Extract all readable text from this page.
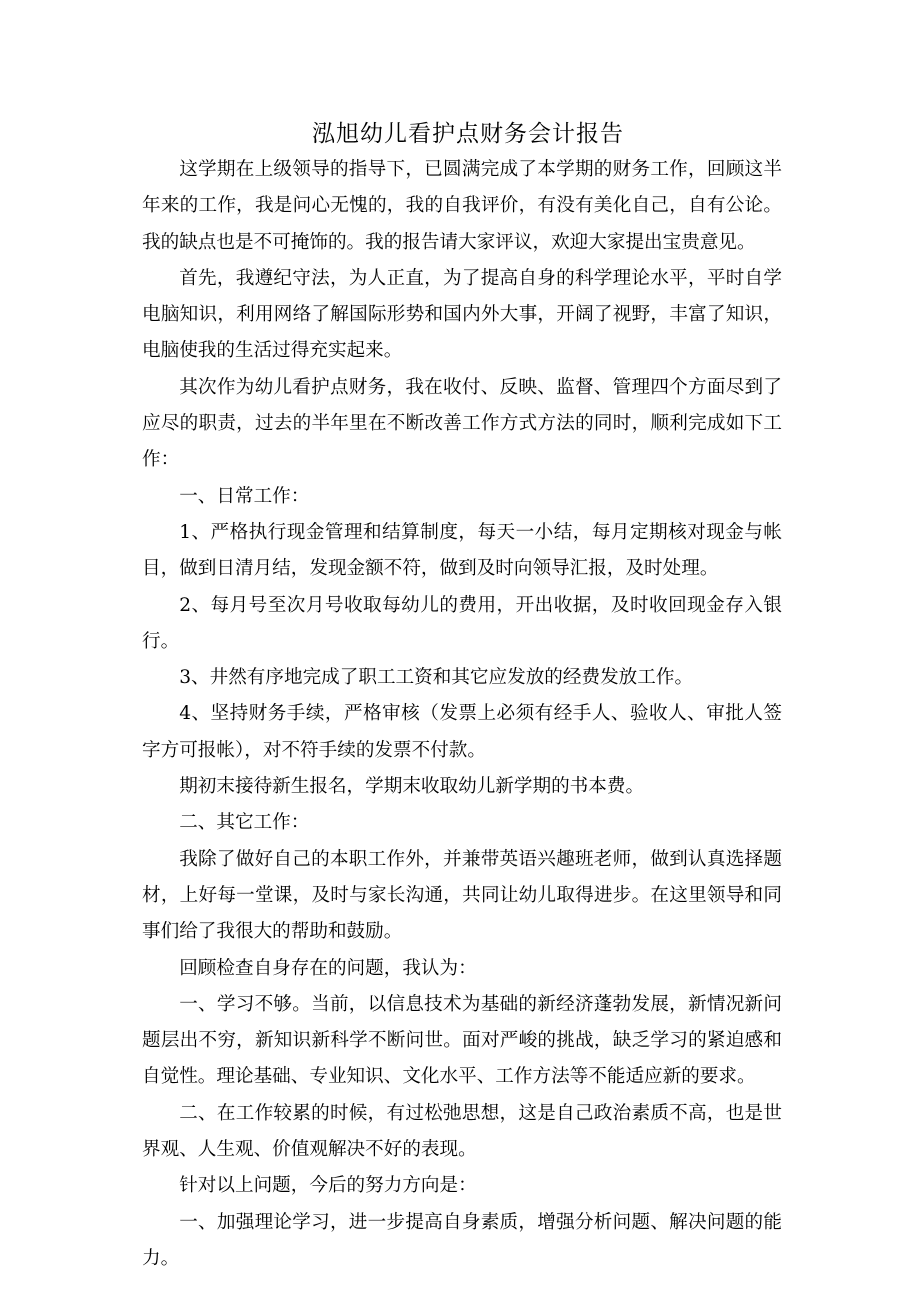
泓旭幼儿看护点财务会计报告

这学期在上级领导的指导下，已圆满完成了本学期的财务工作，回顾这半年来的工作，我是问心无愧的，我的自我评价，有没有美化自己，自有公论。我的缺点也是不可掩饰的。我的报告请大家评议，欢迎大家提出宝贵意见。

首先，我遵纪守法，为人正直，为了提高自身的科学理论水平，平时自学电脑知识，利用网络了解国际形势和国内外大事，开阔了视野，丰富了知识，电脑使我的生活过得充实起来。

其次作为幼儿看护点财务，我在收付、反映、监督、管理四个方面尽到了应尽的职责，过去的半年里在不断改善工作方式方法的同时，顺利完成如下工作：

一、日常工作：

1、严格执行现金管理和结算制度，每天一小结，每月定期核对现金与帐目，做到日清月结，发现金额不符，做到及时向领导汇报，及时处理。

2、每月号至次月号收取每幼儿的费用，开出收据，及时收回现金存入银行。

3、井然有序地完成了职工工资和其它应发放的经费发放工作。

4、坚持财务手续，严格审核（发票上必须有经手人、验收人、审批人签字方可报帐），对不符手续的发票不付款。

期初末接待新生报名，学期末收取幼儿新学期的书本费。

二、其它工作：

我除了做好自己的本职工作外，并兼带英语兴趣班老师，做到认真选择题材，上好每一堂课，及时与家长沟通，共同让幼儿取得进步。在这里领导和同事们给了我很大的帮助和鼓励。

回顾检查自身存在的问题，我认为：

一、学习不够。当前，以信息技术为基础的新经济蓬勃发展，新情况新问题层出不穷，新知识新科学不断问世。面对严峻的挑战，缺乏学习的紧迫感和自觉性。理论基础、专业知识、文化水平、工作方法等不能适应新的要求。

二、在工作较累的时候，有过松弛思想，这是自己政治素质不高，也是世界观、人生观、价值观解决不好的表现。

针对以上问题，今后的努力方向是：

一、加强理论学习，进一步提高自身素质，增强分析问题、解决问题的能力。
